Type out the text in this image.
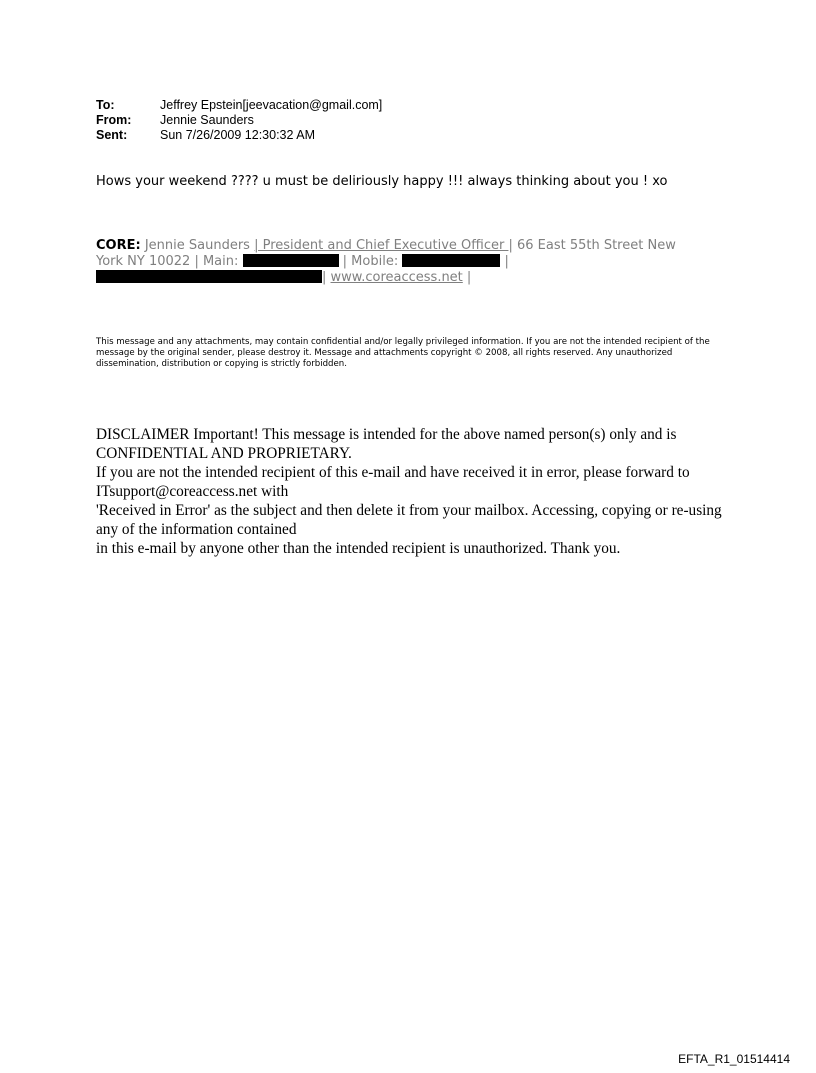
To:	Jeffrey Epstein[jeevacation@gmail.com]
From:	Jennie Saunders
Sent:	Sun 7/26/2009 12:30:32 AM
Hows your weekend ???? u must be deliriously happy !!! always thinking about you ! xo
CORE: Jennie Saunders | President and Chief Executive Officer | 66 East 55th Street New
York NY 10022 | Main:	| Mobile:	|
| www.coreaccess.net |
This message and any attachments, may contain confidential and/or legally privileged information. If you are not the intended recipient of the message by the original sender, please destroy it. Message and attachments copyright © 2008, all rights reserved. Any unauthorized dissemination, distribution or copying is strictly forbidden.
DISCLAIMER Important! This message is intended for the above named person(s) only and is CONFIDENTIAL AND PROPRIETARY.
If you are not the intended recipient of this e-mail and have received it in error, please forward to ITsupport@coreaccess.net with
'Received in Error' as the subject and then delete it from your mailbox. Accessing, copying or re-using any of the information contained
in this e-mail by anyone other than the intended recipient is unauthorized. Thank you.
EFTA_R1_01514414
